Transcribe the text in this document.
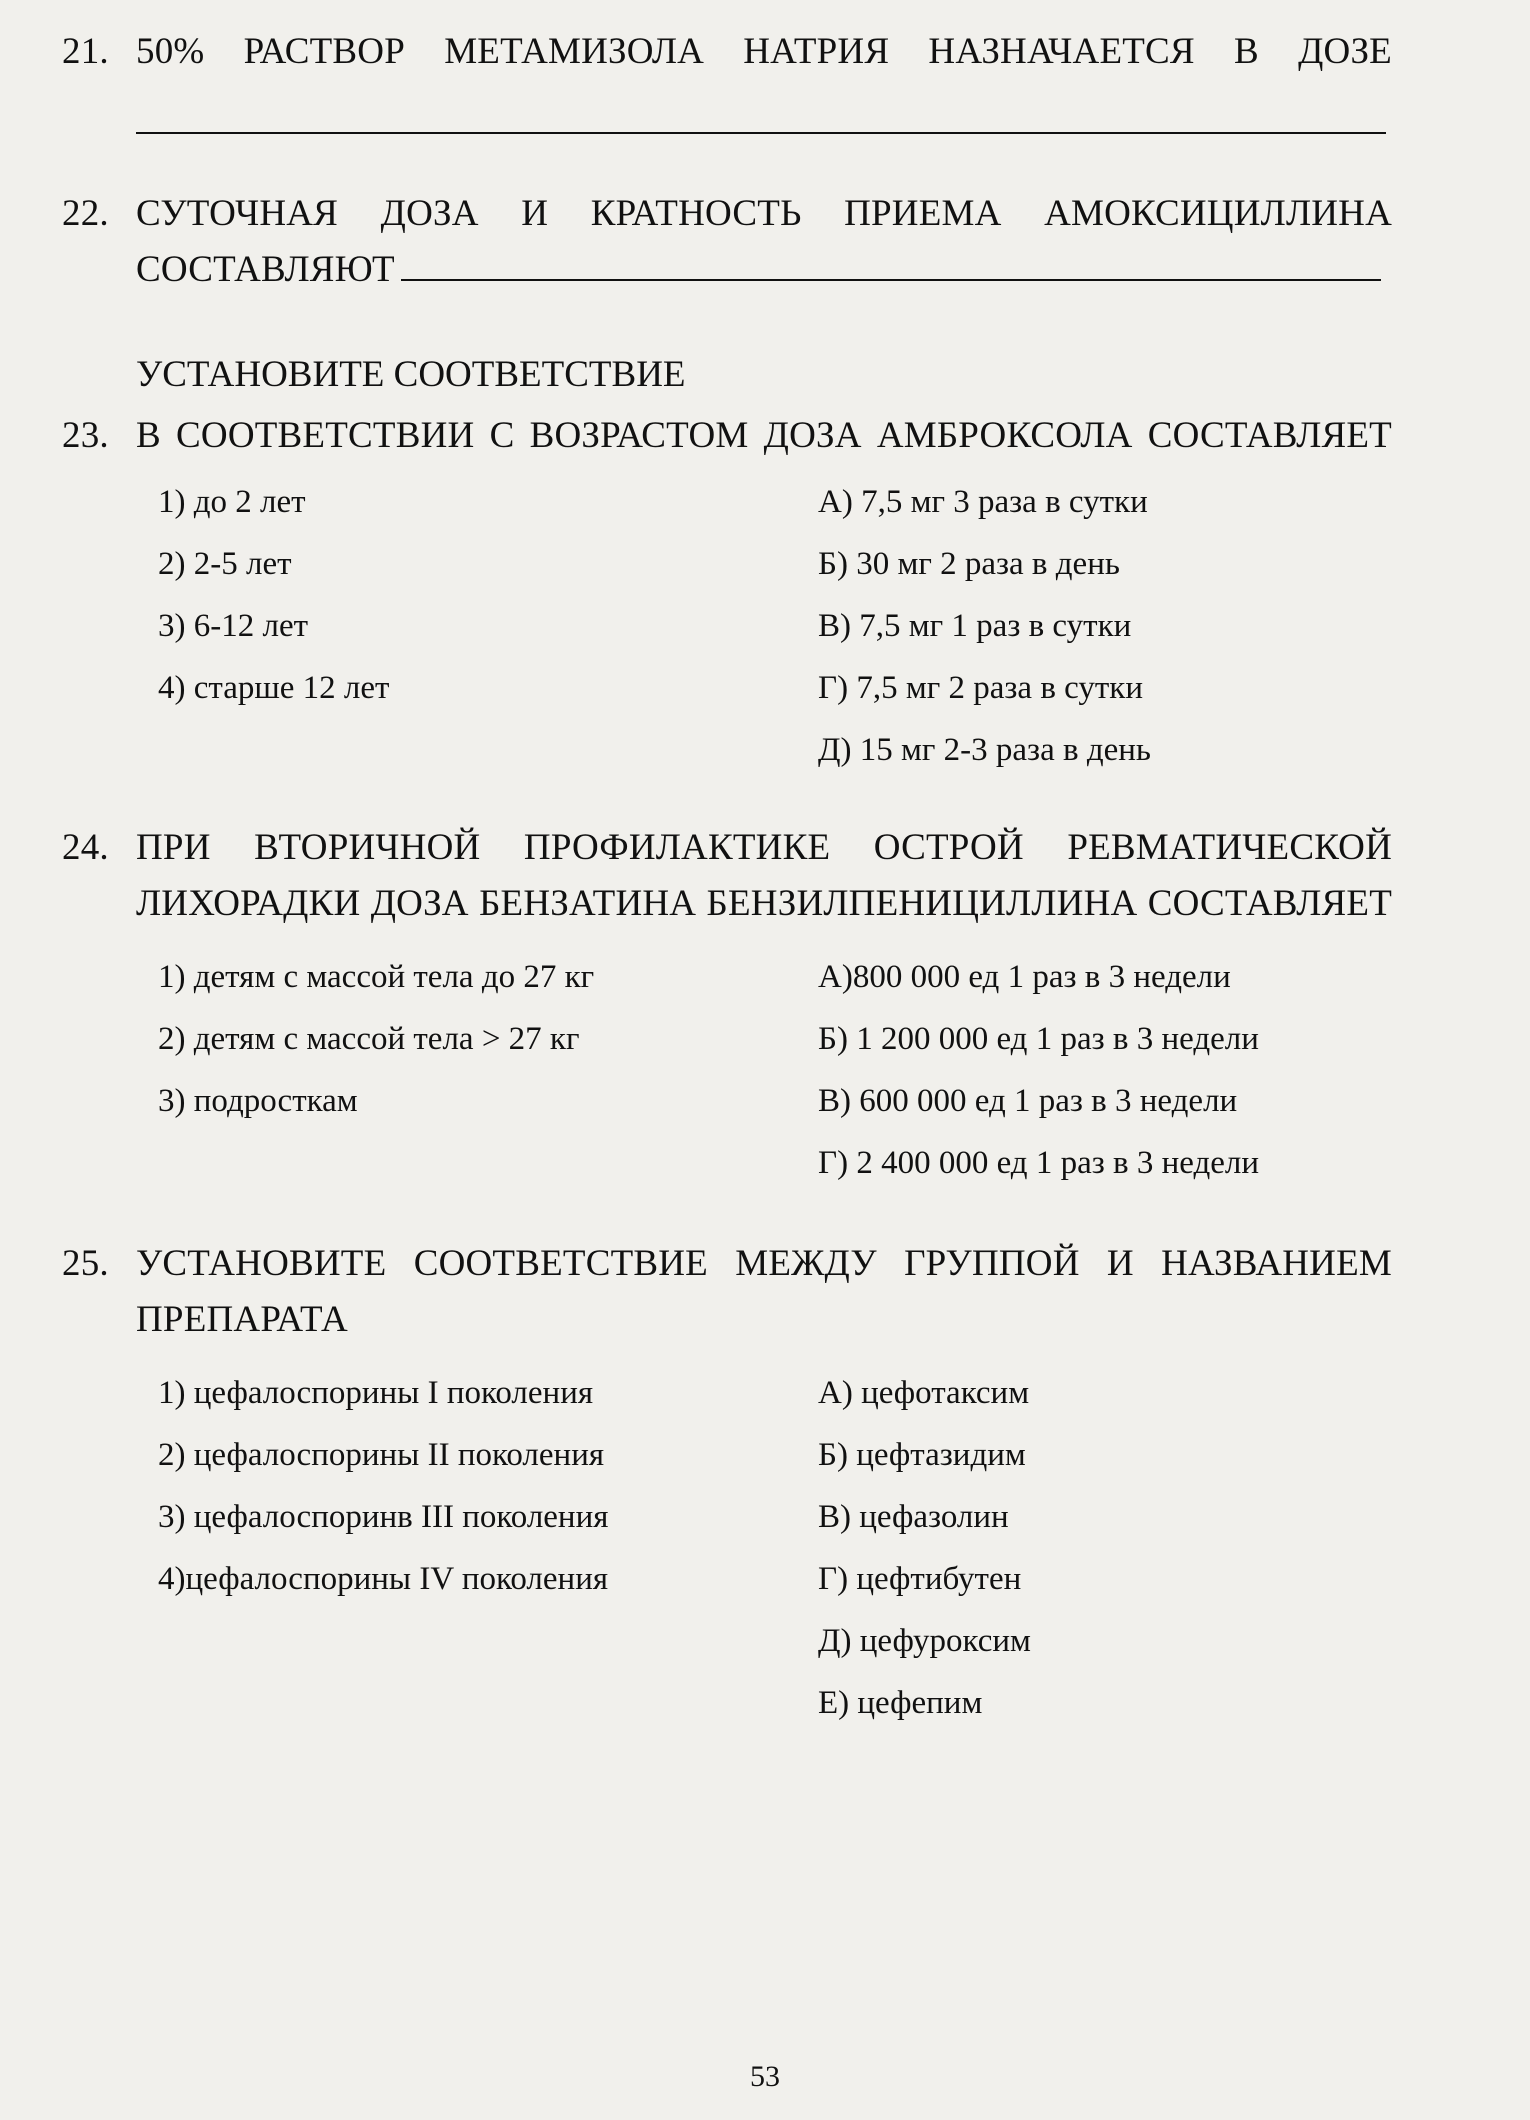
21. 50% РАСТВОР МЕТАМИЗОЛА НАТРИЯ НАЗНАЧАЕТСЯ В ДОЗЕ
22. СУТОЧНАЯ ДОЗА И КРАТНОСТЬ ПРИЕМА АМОКСИЦИЛЛИНА
СОСТАВЛЯЮТ
УСТАНОВИТЕ СООТВЕТСТВИЕ
23. В СООТВЕТСТВИИ С ВОЗРАСТОМ ДОЗА АМБРОКСОЛА СОСТАВЛЯЕТ
1) до 2 лет
2) 2-5 лет
3) 6-12 лет
4) старше 12 лет
А) 7,5 мг 3 раза в сутки
Б) 30 мг 2 раза в день
В) 7,5 мг 1 раз в сутки
Г) 7,5 мг 2 раза в сутки
Д) 15 мг 2-3 раза в день
24. ПРИ ВТОРИЧНОЙ ПРОФИЛАКТИКЕ ОСТРОЙ РЕВМАТИЧЕСКОЙ
ЛИХОРАДКИ ДОЗА БЕНЗАТИНА БЕНЗИЛПЕНИЦИЛЛИНА СОСТАВЛЯЕТ
1) детям с массой тела до 27 кг
2) детям с массой тела > 27 кг
3) подросткам
А)800 000 ед 1 раз в 3 недели
Б) 1 200 000 ед 1 раз в 3 недели
В) 600 000 ед 1 раз в 3 недели
Г) 2 400 000 ед 1 раз в 3 недели
25. УСТАНОВИТЕ СООТВЕТСТВИЕ МЕЖДУ ГРУППОЙ И НАЗВАНИЕМ
ПРЕПАРАТА
1) цефалоспорины I поколения
2) цефалоспорины II поколения
3) цефалоспоринв III поколения
4)цефалоспорины IV поколения
А) цефотаксим
Б) цефтазидим
В) цефазолин
Г) цефтибутен
Д) цефуроксим
Е) цефепим
53
